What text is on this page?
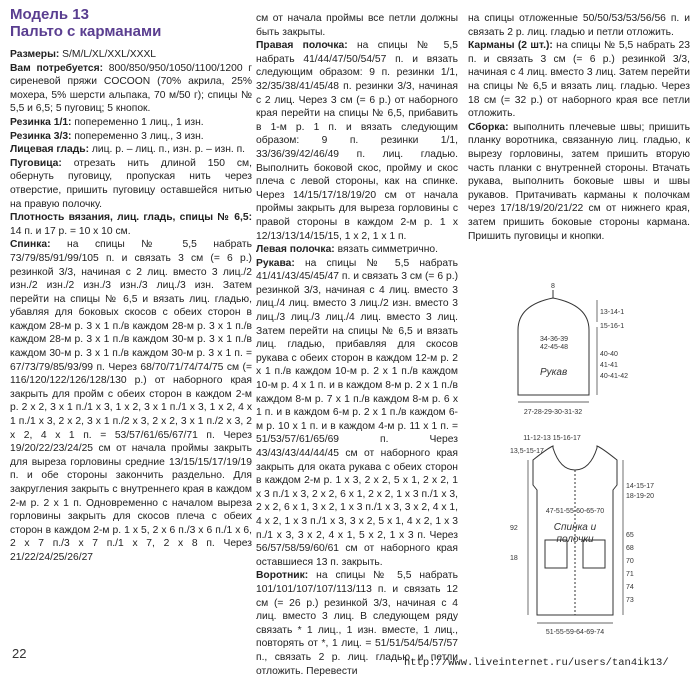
Модель 13
Пальто с карманами

Размеры: S/M/L/XL/XXL/XXXL

Вам потребуется: 800/850/950/1050/1100/1200 г сиреневой пряжи COCOON (70% акрила, 25% мохера, 5% шерсти альпака, 70 м/50 г); спицы № 5,5 и 6,5; 5 пуговиц; 5 кнопок.

Резинка 1/1: попеременно 1 лиц., 1 изн.

Резинка 3/3: попеременно 3 лиц., 3 изн.

Лицевая гладь: лиц. р. – лиц. п., изн. р. – изн. п.

Пуговица: отрезать нить длиной 150 см, обернуть пуговицу, пропуская нить через отверстие, пришить пуговицу оставшейся нитью на правую полочку.

Плотность вязания, лиц. гладь, спицы № 6,5: 14 п. и 17 р. = 10 х 10 см.

Спинка: на спицы № 5,5 набрать 73/79/85/91/99/105 п. и связать 3 см (= 6 р.) резинкой 3/3, начиная с 2 лиц. вместо 3 лиц./2 изн./2 изн./2 изн./3 изн./3 лиц./3 изн. Затем перейти на спицы № 6,5 и вязать лиц. гладью, убавляя для боковых скосов с обеих сторон в каждом 28-м р. 3 х 1 п./в каждом 28-м р. 3 х 1 п./в каждом 28-м р. 3 х 1 п./в каждом 30-м р. 3 х 1 п./в каждом 30-м р. 3 х 1 п./в каждом 30-м р. 3 х 1 п. = 67/73/79/85/93/99 п. Через 68/70/71/74/74/75 см (= 116/120/122/126/128/130 р.) от наборного края закрыть для пройм с обеих сторон в каждом 2-м р. 2 х 2, 3 х 1 п./1 х 3, 1 х 2, 3 х 1 п./1 х 3, 1 х 2, 4 х 1 п./1 х 3, 2 х 2, 3 х 1 п./2 х 3, 2 х 2, 3 х 1 п./2 х 3, 2 х 2, 4 х 1 п. = 53/57/61/65/67/71 п. Через 19/20/22/23/24/25 см от начала проймы закрыть для выреза горловины средние 13/15/15/17/19/19 п. и обе стороны закончить раздельно. Для закругления закрыть с внутреннего края в каждом 2-м р. 2 х 1 п. Одновременно с началом выреза горловины закрыть для скосов плеча с обеих сторон в каждом 2-м р. 1 х 5, 2 х 6 п./3 х 6 п./1 х 6, 2 х 7 п./3 х 7 п./1 х 7, 2 х 8 п. Через 21/22/24/25/26/27

см от начала проймы все петли должны быть закрыты.

Правая полочка: на спицы № 5,5 набрать 41/44/47/50/54/57 п. и вязать следующим образом: 9 п. резинки 1/1, 32/35/38/41/45/48 п. резинки 3/3, начиная с 2 лиц. Через 3 см (= 6 р.) от наборного края перейти на спицы № 6,5, прибавить в 1-м р. 1 п. и вязать следующим образом: 9 п. резинки 1/1, 33/36/39/42/46/49 п. лиц. гладью. Выполнить боковой скос, пройму и скос плеча с левой стороны, как на спинке. Через 14/15/17/18/19/20 см от начала проймы закрыть для выреза горловины с правой стороны в каждом 2-м р. 1 х 12/13/13/14/15/15, 1 х 2, 1 х 1 п.

Левая полочка: вязать симметрично.

Рукава: на спицы № 5,5 набрать 41/41/43/45/45/47 п. и связать 3 см (= 6 р.) резинкой 3/3, начиная с 4 лиц. вместо 3 лиц./4 лиц. вместо 3 лиц./2 изн. вместо 3 лиц./3 лиц./3 лиц./4 лиц. вместо 3 лиц. Затем перейти на спицы № 6,5 и вязать лиц. гладью, прибавляя для скосов рукава с обеих сторон в каждом 12-м р. 2 х 1 п./в каждом 10-м р. 2 х 1 п./в каждом 10-м р. 4 х 1 п. и в каждом 8-м р. 2 х 1 п./в каждом 8-м р. 7 х 1 п./в каждом 8-м р. 6 х 1 п. и в каждом 6-м р. 2 х 1 п./в каждом 6-м р. 10 х 1 п. и в каждом 4-м р. 11 х 1 п. = 51/53/57/61/65/69 п. Через 43/43/43/44/44/45 см от наборного края закрыть для оката рукава с обеих сторон в каждом 2-м р. 1 х 3, 2 х 2, 5 х 1, 2 х 2, 1 х 3 п./1 х 3, 2 х 2, 6 х 1, 2 х 2, 1 х 3 п./1 х 3, 2 х 2, 6 х 1, 3 х 2, 1 х 3 п./1 х 3, 3 х 2, 4 х 1, 4 х 2, 1 х 3 п./1 х 3, 3 х 2, 5 х 1, 4 х 2, 1 х 3 п./1 х 3, 3 х 2, 4 х 1, 5 х 2, 1 х 3 п. Через 56/57/58/59/60/61 см от наборного края оставшиеся 13 п. закрыть.

Воротник: на спицы № 5,5 набрать 101/101/107/107/113/113 п. и связать 12 см (= 26 р.) резинкой 3/3, начиная с 4 лиц. вместо 3 лиц. В следующем ряду связать * 1 лиц., 1 изн. вместе, 1 лиц., повторять от *, 1 лиц. = 51/51/54/54/57/57 п., связать 2 р. лиц. гладью и петли отложить. Перевести

на спицы отложенные 50/50/53/53/56/56 п. и связать 2 р. лиц. гладью и петли отложить.

Карманы (2 шт.): на спицы № 5,5 набрать 23 п. и связать 3 см (= 6 р.) резинкой 3/3, начиная с 4 лиц. вместо 3 лиц. Затем перейти на спицы № 6,5 и вязать лиц. гладью. Через 18 см (= 32 р.) от наборного края все петли отложить.

Сборка: выполнить плечевые швы; пришить планку воротника, связанную лиц. гладью, к вырезу горловины, затем пришить вторую часть планки с внутренней стороны. Втачать рукава, выполнить боковые швы и швы рукавов. Притачивать карманы к полочкам через 17/18/19/20/21/22 см от нижнего края, затем пришить боковые стороны кармана. Пришить пуговицы и кнопки.

8
34-36-39
42-45-48
Рукав
13-14-1
15-16-1
40-40
41-41
40-41-42
27-28-29-30-31-32
11-12-13 15-16-17
13,5-15-17
14-15-17
18-19-20
47-51-55-60-65-70
Спинка и
полочки
92
18
65
68
70
71
74
73
51-55-59-64-69-74
22
http://www.liveinternet.ru/users/tan4ik13/
